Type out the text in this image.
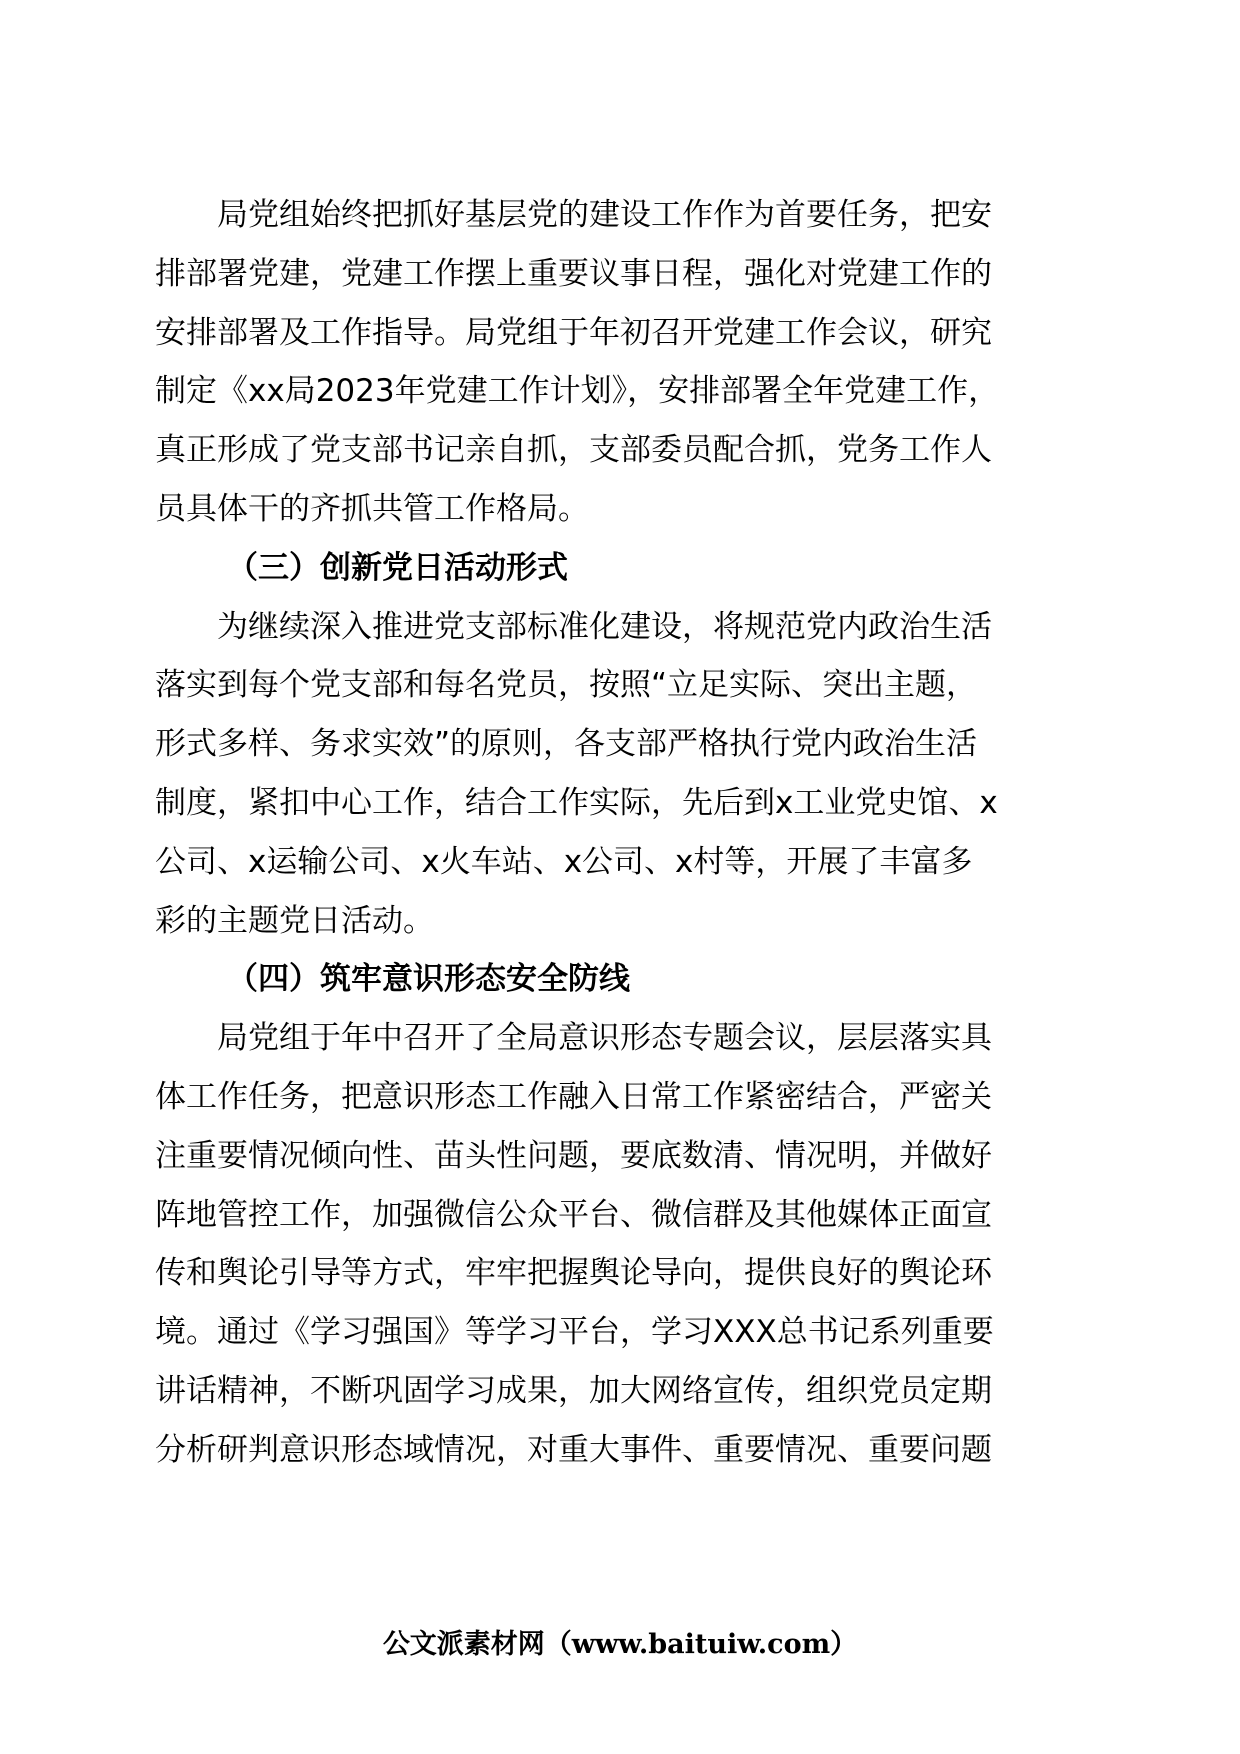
局党组始终把抓好基层党的建设工作作为首要任务，把安
排部署党建，党建工作摆上重要议事日程，强化对党建工作的
安排部署及工作指导。局党组于年初召开党建工作会议，研究
制定《xx局2023年党建工作计划》，安排部署全年党建工作，
真正形成了党支部书记亲自抓，支部委员配合抓，党务工作人
员具体干的齐抓共管工作格局。
（三）创新党日活动形式
为继续深入推进党支部标准化建设，将规范党内政治生活
落实到每个党支部和每名党员，按照“立足实际、突出主题，
形式多样、务求实效”的原则，各支部严格执行党内政治生活
制度，紧扣中心工作，结合工作实际，先后到x工业党史馆、x
公司、x运输公司、x火车站、x公司、x村等，开展了丰富多
彩的主题党日活动。
（四）筑牢意识形态安全防线
局党组于年中召开了全局意识形态专题会议，层层落实具
体工作任务，把意识形态工作融入日常工作紧密结合，严密关
注重要情况倾向性、苗头性问题，要底数清、情况明，并做好
阵地管控工作，加强微信公众平台、微信群及其他媒体正面宣
传和舆论引导等方式，牢牢把握舆论导向，提供良好的舆论环
境。通过《学习强国》等学习平台，学习XXX总书记系列重要
讲话精神，不断巩固学习成果，加大网络宣传，组织党员定期
分析研判意识形态域情况，对重大事件、重要情况、重要问题
公文派素材网（www.baituiw.com）
